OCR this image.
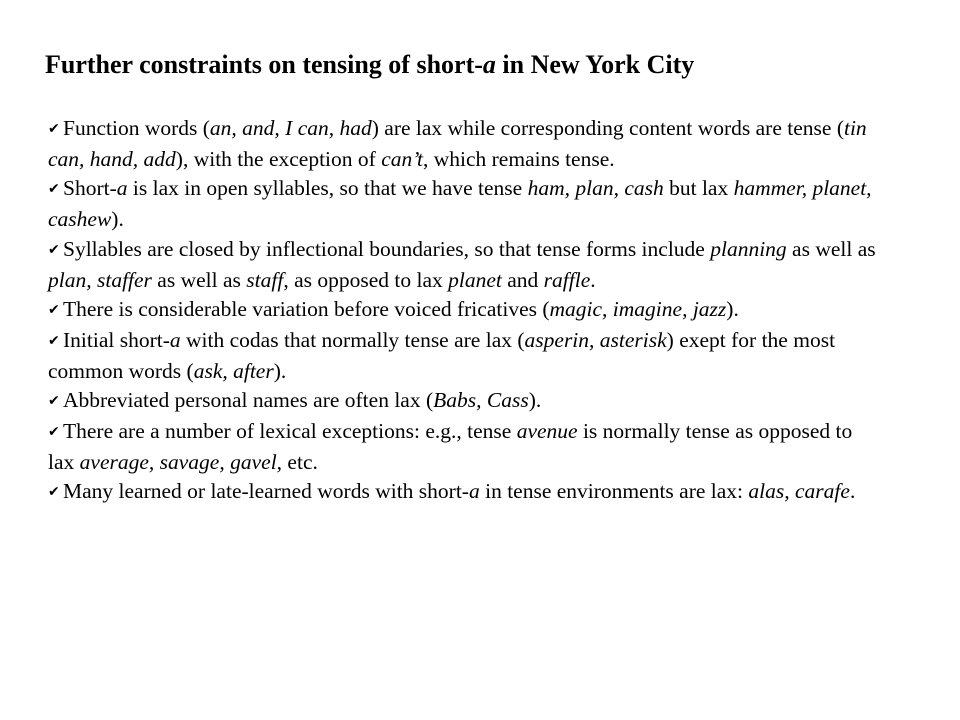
Further constraints on tensing of short-a in New York City
✔ Function words (an, and, I can, had) are lax while corresponding content words are tense (tin can, hand, add), with the exception of can’t, which remains tense.
✔ Short-a is lax in open syllables, so that we have tense ham, plan, cash but lax hammer, planet, cashew).
✔ Syllables are closed by inflectional boundaries, so that tense forms include planning as well as plan, staffer as well as staff, as opposed to lax planet and raffle.
✔ There is considerable variation before voiced fricatives (magic, imagine, jazz).
✔ Initial short-a with codas that normally tense are lax (asperin, asterisk) exept for the most common words (ask, after).
✔ Abbreviated personal names are often lax (Babs, Cass).
✔ There are a number of lexical exceptions: e.g., tense avenue is normally tense as opposed to lax average, savage, gavel, etc.
✔ Many learned or late-learned words with short-a in tense environments are lax: alas, carafe.
